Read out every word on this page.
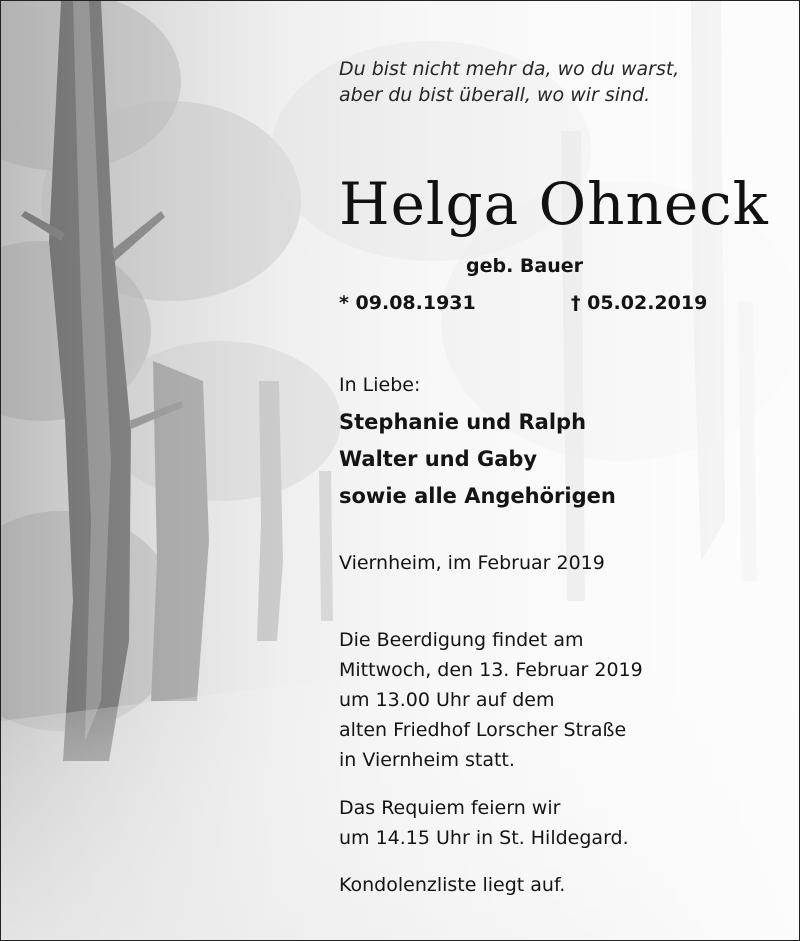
Du bist nicht mehr da, wo du warst,
aber du bist überall, wo wir sind.
Helga Ohneck
geb. Bauer
* 09.08.1931	† 05.02.2019
In Liebe:
Stephanie und Ralph
Walter und Gaby
sowie alle Angehörigen
Viernheim, im Februar 2019
Die Beerdigung findet am
Mittwoch, den 13. Februar 2019
um 13.00 Uhr auf dem
alten Friedhof Lorscher Straße
in Viernheim statt.
Das Requiem feiern wir
um 14.15 Uhr in St. Hildegard.
Kondolenzliste liegt auf.
